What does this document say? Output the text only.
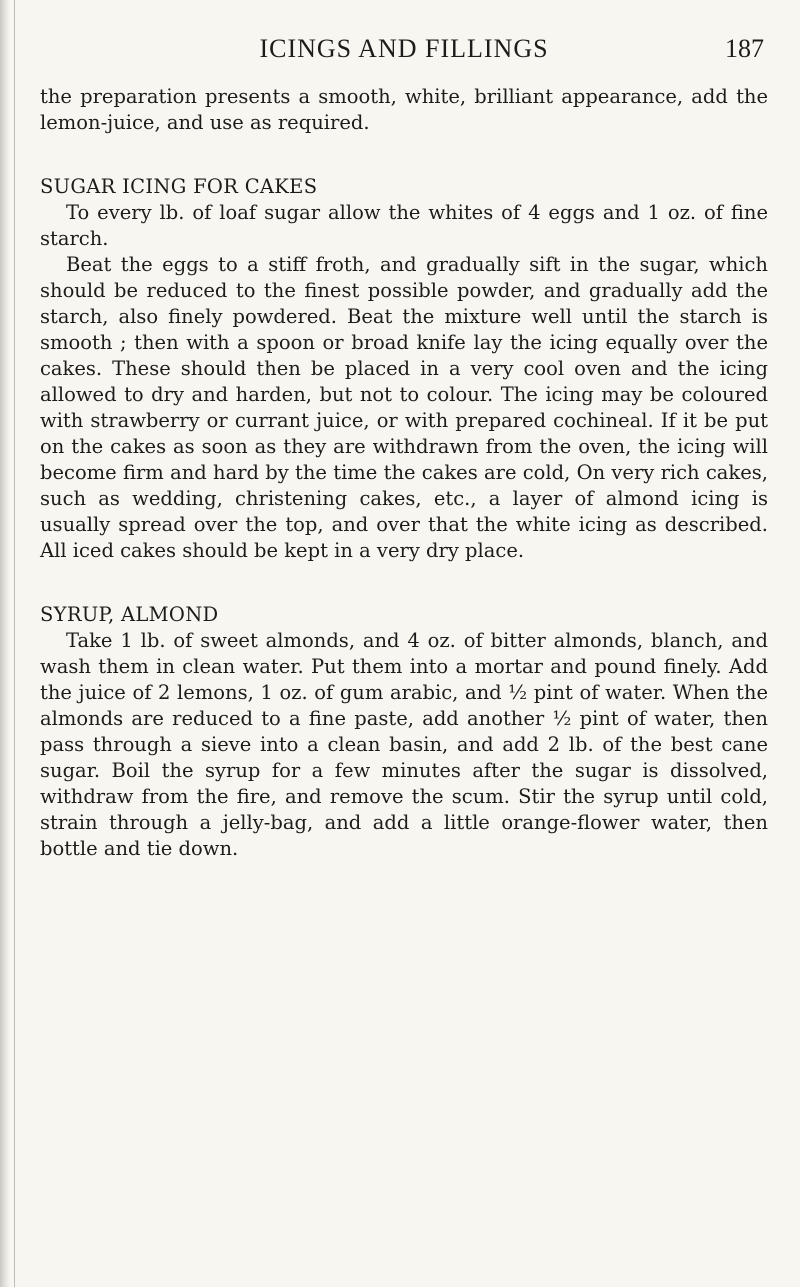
ICINGS AND FILLINGS	187

the preparation presents a smooth, white, brilliant appearance, add the lemon-juice, and use as required.

SUGAR ICING FOR CAKES

To every lb. of loaf sugar allow the whites of 4 eggs and 1 oz. of fine starch.

Beat the eggs to a stiff froth, and gradually sift in the sugar, which should be reduced to the finest possible powder, and gradually add the starch, also finely powdered. Beat the mixture well until the starch is smooth ; then with a spoon or broad knife lay the icing equally over the cakes. These should then be placed in a very cool oven and the icing allowed to dry and harden, but not to colour. The icing may be coloured with strawberry or currant juice, or with prepared cochineal. If it be put on the cakes as soon as they are withdrawn from the oven, the icing will become firm and hard by the time the cakes are cold, On very rich cakes, such as wedding, christening cakes, etc., a layer of almond icing is usually spread over the top, and over that the white icing as described. All iced cakes should be kept in a very dry place.

SYRUP, ALMOND

Take 1 lb. of sweet almonds, and 4 oz. of bitter almonds, blanch, and wash them in clean water. Put them into a mortar and pound finely. Add the juice of 2 lemons, 1 oz. of gum arabic, and ½ pint of water. When the almonds are reduced to a fine paste, add another ½ pint of water, then pass through a sieve into a clean basin, and add 2 lb. of the best cane sugar. Boil the syrup for a few minutes after the sugar is dissolved, withdraw from the fire, and remove the scum. Stir the syrup until cold, strain through a jelly-bag, and add a little orange-flower water, then bottle and tie down.
